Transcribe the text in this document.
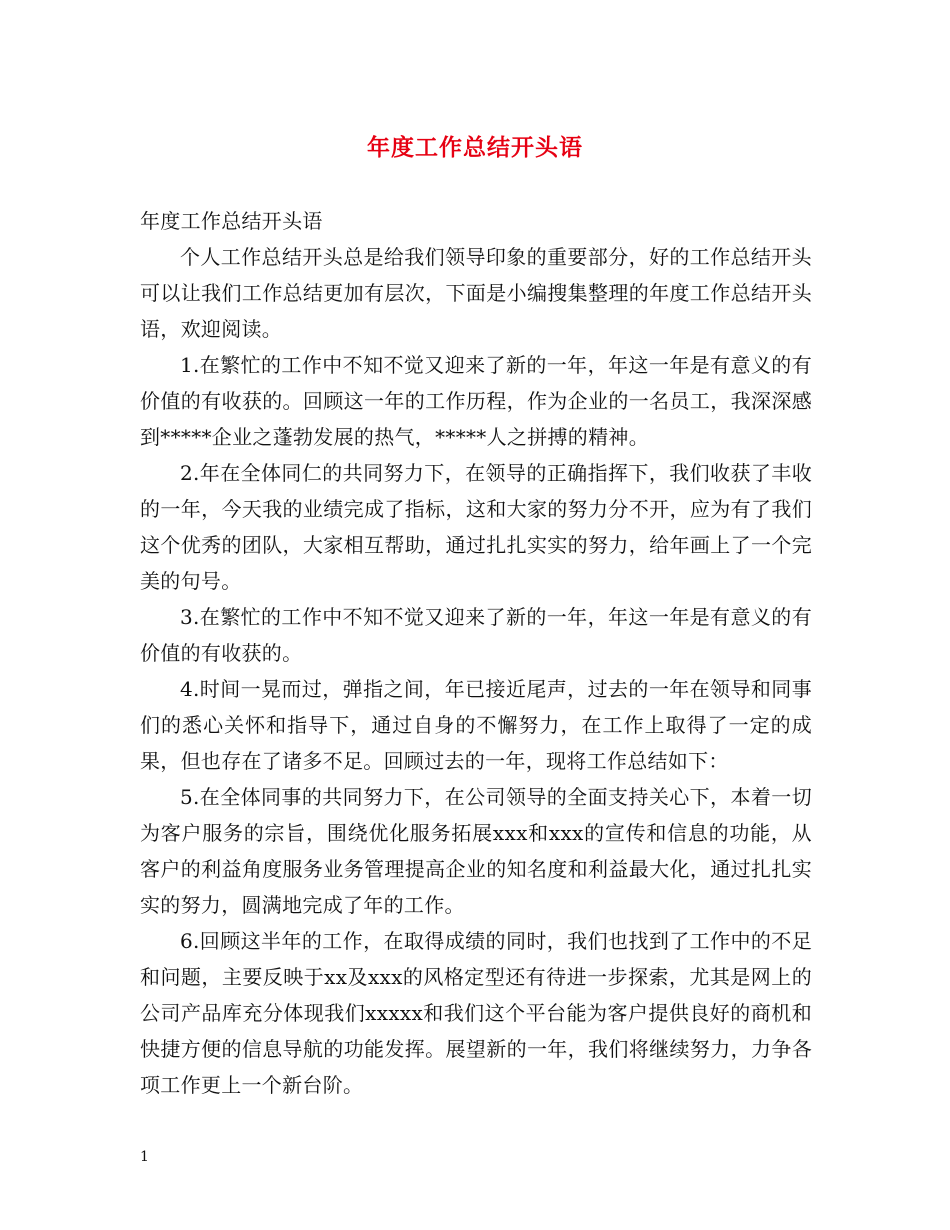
年度工作总结开头语

年度工作总结开头语

个人工作总结开头总是给我们领导印象的重要部分，好的工作总结开头可以让我们工作总结更加有层次，下面是小编搜集整理的年度工作总结开头语，欢迎阅读。

1.在繁忙的工作中不知不觉又迎来了新的一年，年这一年是有意义的有价值的有收获的。回顾这一年的工作历程，作为企业的一名员工，我深深感到*****企业之蓬勃发展的热气，*****人之拼搏的精神。

2.年在全体同仁的共同努力下，在领导的正确指挥下，我们收获了丰收的一年，今天我的业绩完成了指标，这和大家的努力分不开，应为有了我们这个优秀的团队，大家相互帮助，通过扎扎实实的努力，给年画上了一个完美的句号。

3.在繁忙的工作中不知不觉又迎来了新的一年，年这一年是有意义的有价值的有收获的。

4.时间一晃而过，弹指之间，年已接近尾声，过去的一年在领导和同事们的悉心关怀和指导下，通过自身的不懈努力，在工作上取得了一定的成果，但也存在了诸多不足。回顾过去的一年，现将工作总结如下：

5.在全体同事的共同努力下，在公司领导的全面支持关心下，本着一切为客户服务的宗旨，围绕优化服务拓展xxx和xxx的宣传和信息的功能，从客户的利益角度服务业务管理提高企业的知名度和利益最大化，通过扎扎实实的努力，圆满地完成了年的工作。

6.回顾这半年的工作，在取得成绩的同时，我们也找到了工作中的不足和问题，主要反映于xx及xxx的风格定型还有待进一步探索，尤其是网上的公司产品库充分体现我们xxxxx和我们这个平台能为客户提供良好的商机和快捷方便的信息导航的功能发挥。展望新的一年，我们将继续努力，力争各项工作更上一个新台阶。

1
